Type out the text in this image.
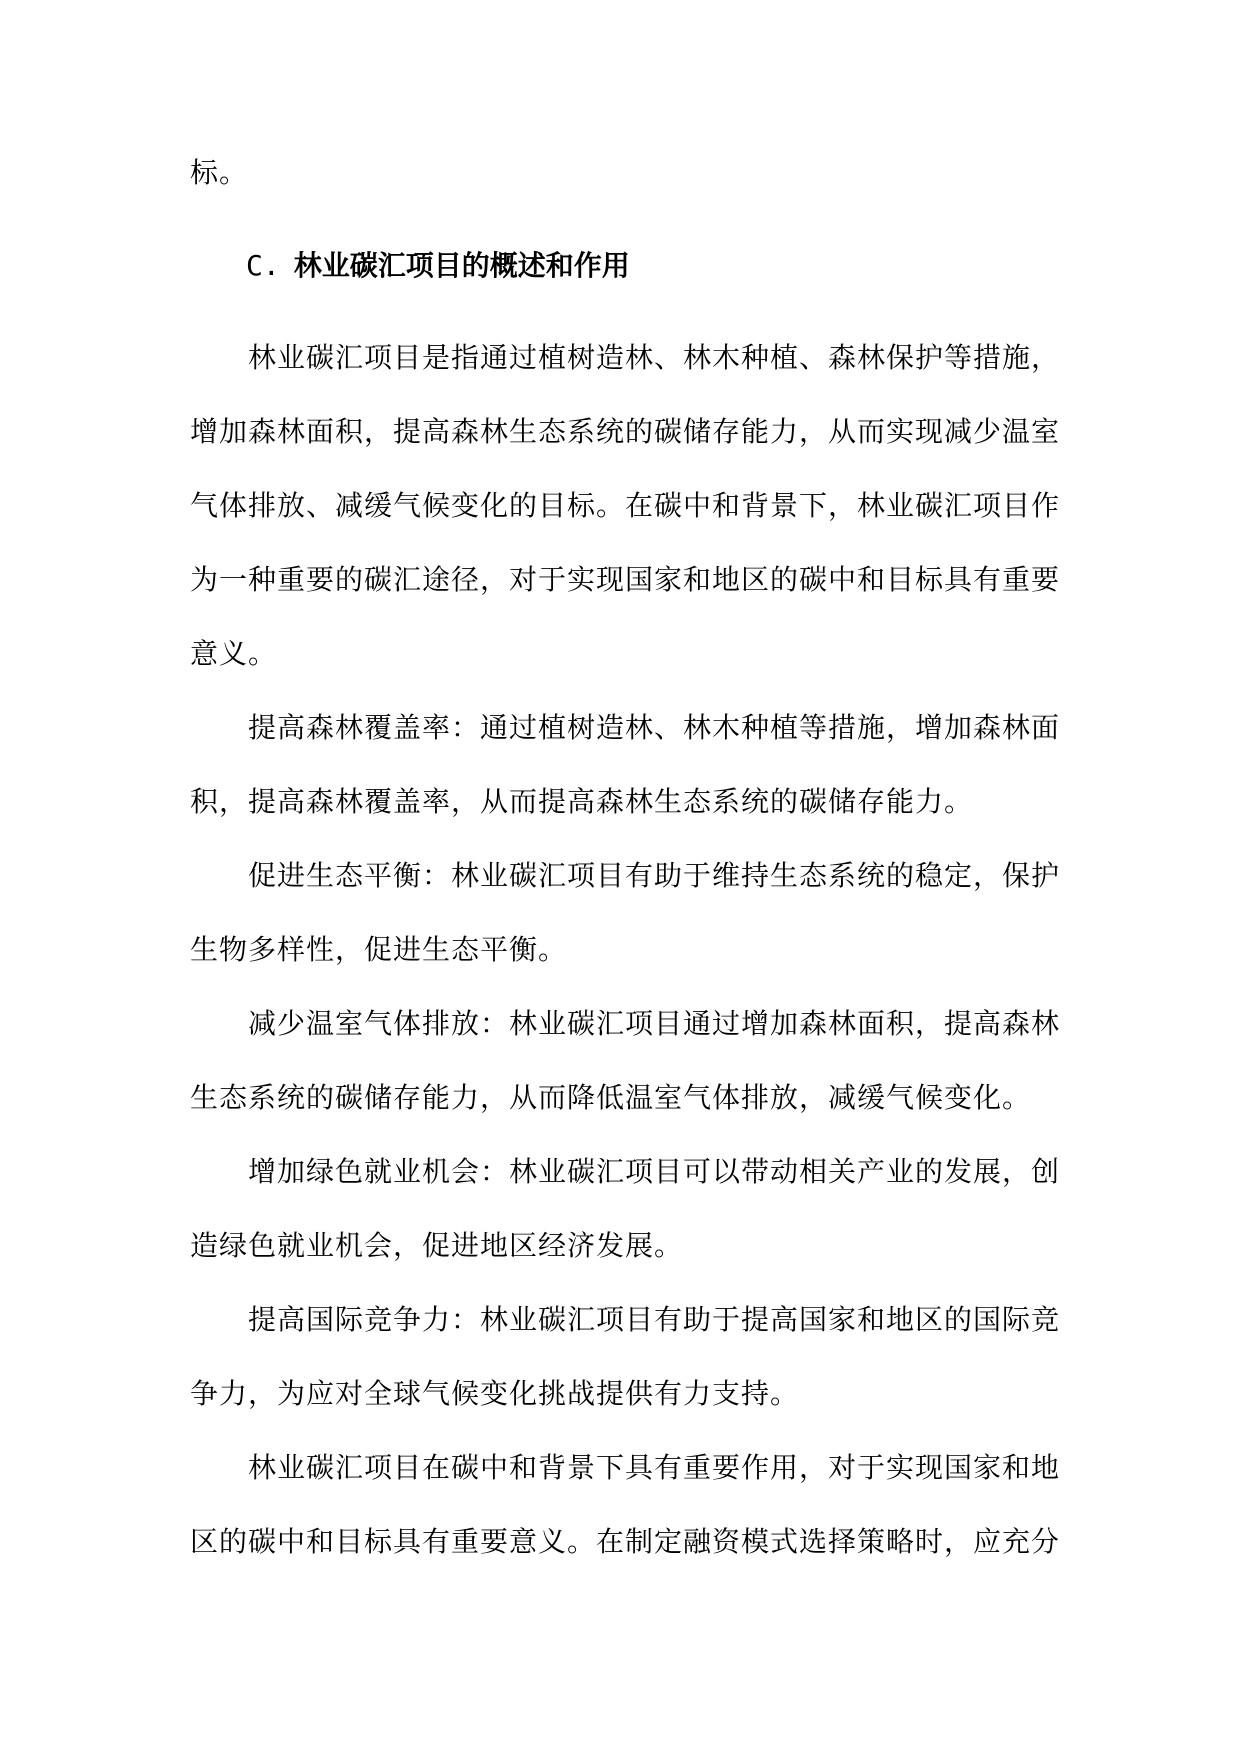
标。
C. 林业碳汇项目的概述和作用
林业碳汇项目是指通过植树造林、林木种植、森林保护等措施，
增加森林面积，提高森林生态系统的碳储存能力，从而实现减少温室
气体排放、减缓气候变化的目标。在碳中和背景下，林业碳汇项目作
为一种重要的碳汇途径，对于实现国家和地区的碳中和目标具有重要
意义。
提高森林覆盖率：通过植树造林、林木种植等措施，增加森林面
积，提高森林覆盖率，从而提高森林生态系统的碳储存能力。
促进生态平衡：林业碳汇项目有助于维持生态系统的稳定，保护
生物多样性，促进生态平衡。
减少温室气体排放：林业碳汇项目通过增加森林面积，提高森林
生态系统的碳储存能力，从而降低温室气体排放，减缓气候变化。
增加绿色就业机会：林业碳汇项目可以带动相关产业的发展，创
造绿色就业机会，促进地区经济发展。
提高国际竞争力：林业碳汇项目有助于提高国家和地区的国际竞
争力，为应对全球气候变化挑战提供有力支持。
林业碳汇项目在碳中和背景下具有重要作用，对于实现国家和地
区的碳中和目标具有重要意义。在制定融资模式选择策略时，应充分
